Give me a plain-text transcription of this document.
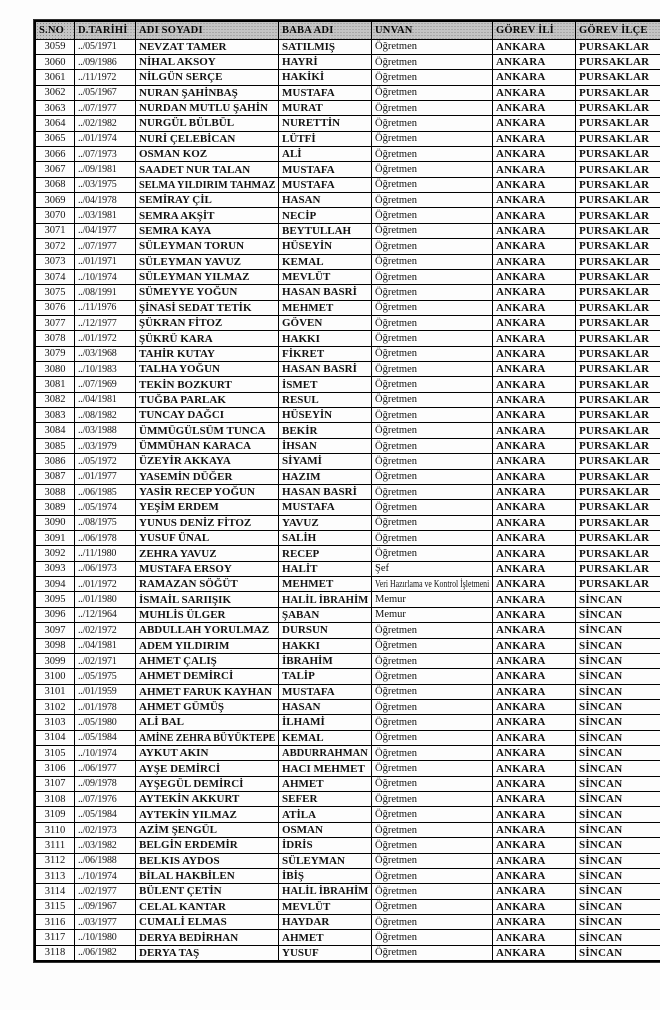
S.NO	D.TARİHİ	ADI SOYADI	BABA ADI	UNVAN	GÖREV İLİ	GÖREV İLÇE
3059	../05/1971	NEVZAT TAMER	SATILMIŞ	Öğretmen	ANKARA	PURSAKLAR
3060	../09/1986	NİHAL AKSOY	HAYRİ	Öğretmen	ANKARA	PURSAKLAR
3061	../11/1972	NİLGÜN SERÇE	HAKİKİ	Öğretmen	ANKARA	PURSAKLAR
3062	../05/1967	NURAN ŞAHİNBAŞ	MUSTAFA	Öğretmen	ANKARA	PURSAKLAR
3063	../07/1977	NURDAN MUTLU ŞAHİN	MURAT	Öğretmen	ANKARA	PURSAKLAR
3064	../02/1982	NURGÜL BÜLBÜL	NURETTİN	Öğretmen	ANKARA	PURSAKLAR
3065	../01/1974	NURİ ÇELEBİCAN	LÜTFİ	Öğretmen	ANKARA	PURSAKLAR
3066	../07/1973	OSMAN KOZ	ALİ	Öğretmen	ANKARA	PURSAKLAR
3067	../09/1981	SAADET NUR TALAN	MUSTAFA	Öğretmen	ANKARA	PURSAKLAR
3068	../03/1975	SELMA YILDIRIM TAHMAZ	MUSTAFA	Öğretmen	ANKARA	PURSAKLAR
3069	../04/1978	SEMİRAY ÇİL	HASAN	Öğretmen	ANKARA	PURSAKLAR
3070	../03/1981	SEMRA AKŞİT	NECİP	Öğretmen	ANKARA	PURSAKLAR
3071	../04/1977	SEMRA KAYA	BEYTULLAH	Öğretmen	ANKARA	PURSAKLAR
3072	../07/1977	SÜLEYMAN TORUN	HÜSEYİN	Öğretmen	ANKARA	PURSAKLAR
3073	../01/1971	SÜLEYMAN YAVUZ	KEMAL	Öğretmen	ANKARA	PURSAKLAR
3074	../10/1974	SÜLEYMAN YILMAZ	MEVLÜT	Öğretmen	ANKARA	PURSAKLAR
3075	../08/1991	SÜMEYYE YOĞUN	HASAN BASRİ	Öğretmen	ANKARA	PURSAKLAR
3076	../11/1976	ŞİNASİ SEDAT TETİK	MEHMET	Öğretmen	ANKARA	PURSAKLAR
3077	../12/1977	ŞÜKRAN FİTOZ	GÖVEN	Öğretmen	ANKARA	PURSAKLAR
3078	../01/1972	ŞÜKRÜ KARA	HAKKI	Öğretmen	ANKARA	PURSAKLAR
3079	../03/1968	TAHİR KUTAY	FİKRET	Öğretmen	ANKARA	PURSAKLAR
3080	../10/1983	TALHA YOĞUN	HASAN BASRİ	Öğretmen	ANKARA	PURSAKLAR
3081	../07/1969	TEKİN BOZKURT	İSMET	Öğretmen	ANKARA	PURSAKLAR
3082	../04/1981	TUĞBA PARLAK	RESUL	Öğretmen	ANKARA	PURSAKLAR
3083	../08/1982	TUNCAY DAĞCI	HÜSEYİN	Öğretmen	ANKARA	PURSAKLAR
3084	../03/1988	ÜMMÜGÜLSÜM TUNCA	BEKİR	Öğretmen	ANKARA	PURSAKLAR
3085	../03/1979	ÜMMÜHAN KARACA	İHSAN	Öğretmen	ANKARA	PURSAKLAR
3086	../05/1972	ÜZEYİR AKKAYA	SİYAMİ	Öğretmen	ANKARA	PURSAKLAR
3087	../01/1977	YASEMİN DÜĞER	HAZIM	Öğretmen	ANKARA	PURSAKLAR
3088	../06/1985	YASİR RECEP YOĞUN	HASAN BASRİ	Öğretmen	ANKARA	PURSAKLAR
3089	../05/1974	YEŞİM ERDEM	MUSTAFA	Öğretmen	ANKARA	PURSAKLAR
3090	../08/1975	YUNUS DENİZ FİTOZ	YAVUZ	Öğretmen	ANKARA	PURSAKLAR
3091	../06/1978	YUSUF ÜNAL	SALİH	Öğretmen	ANKARA	PURSAKLAR
3092	../11/1980	ZEHRA YAVUZ	RECEP	Öğretmen	ANKARA	PURSAKLAR
3093	../06/1973	MUSTAFA ERSOY	HALİT	Şef	ANKARA	PURSAKLAR
3094	../01/1972	RAMAZAN SÖĞÜT	MEHMET	Veri Hazırlama ve Kontrol İşletmeni	ANKARA	PURSAKLAR
3095	../01/1980	İSMAİL SARIIŞIK	HALİL İBRAHİM	Memur	ANKARA	SİNCAN
3096	../12/1964	MUHLİS ÜLGER	ŞABAN	Memur	ANKARA	SİNCAN
3097	../02/1972	ABDULLAH YORULMAZ	DURSUN	Öğretmen	ANKARA	SİNCAN
3098	../04/1981	ADEM YILDIRIM	HAKKI	Öğretmen	ANKARA	SİNCAN
3099	../02/1971	AHMET ÇALIŞ	İBRAHİM	Öğretmen	ANKARA	SİNCAN
3100	../05/1975	AHMET DEMİRCİ	TALİP	Öğretmen	ANKARA	SİNCAN
3101	../01/1959	AHMET FARUK KAYHAN	MUSTAFA	Öğretmen	ANKARA	SİNCAN
3102	../01/1978	AHMET GÜMÜŞ	HASAN	Öğretmen	ANKARA	SİNCAN
3103	../05/1980	ALİ BAL	İLHAMİ	Öğretmen	ANKARA	SİNCAN
3104	../05/1984	AMİNE ZEHRA BÜYÜKTEPE	KEMAL	Öğretmen	ANKARA	SİNCAN
3105	../10/1974	AYKUT AKIN	ABDURRAHMAN	Öğretmen	ANKARA	SİNCAN
3106	../06/1977	AYŞE DEMİRCİ	HACI MEHMET	Öğretmen	ANKARA	SİNCAN
3107	../09/1978	AYŞEGÜL DEMİRCİ	AHMET	Öğretmen	ANKARA	SİNCAN
3108	../07/1976	AYTEKİN AKKURT	SEFER	Öğretmen	ANKARA	SİNCAN
3109	../05/1984	AYTEKİN YILMAZ	ATİLA	Öğretmen	ANKARA	SİNCAN
3110	../02/1973	AZİM ŞENGÜL	OSMAN	Öğretmen	ANKARA	SİNCAN
3111	../03/1982	BELGİN ERDEMİR	İDRİS	Öğretmen	ANKARA	SİNCAN
3112	../06/1988	BELKIS AYDOS	SÜLEYMAN	Öğretmen	ANKARA	SİNCAN
3113	../10/1974	BİLAL HAKBİLEN	İBİŞ	Öğretmen	ANKARA	SİNCAN
3114	../02/1977	BÜLENT ÇETİN	HALİL İBRAHİM	Öğretmen	ANKARA	SİNCAN
3115	../09/1967	CELAL KANTAR	MEVLÜT	Öğretmen	ANKARA	SİNCAN
3116	../03/1977	CUMALİ ELMAS	HAYDAR	Öğretmen	ANKARA	SİNCAN
3117	../10/1980	DERYA BEDİRHAN	AHMET	Öğretmen	ANKARA	SİNCAN
3118	../06/1982	DERYA TAŞ	YUSUF	Öğretmen	ANKARA	SİNCAN
